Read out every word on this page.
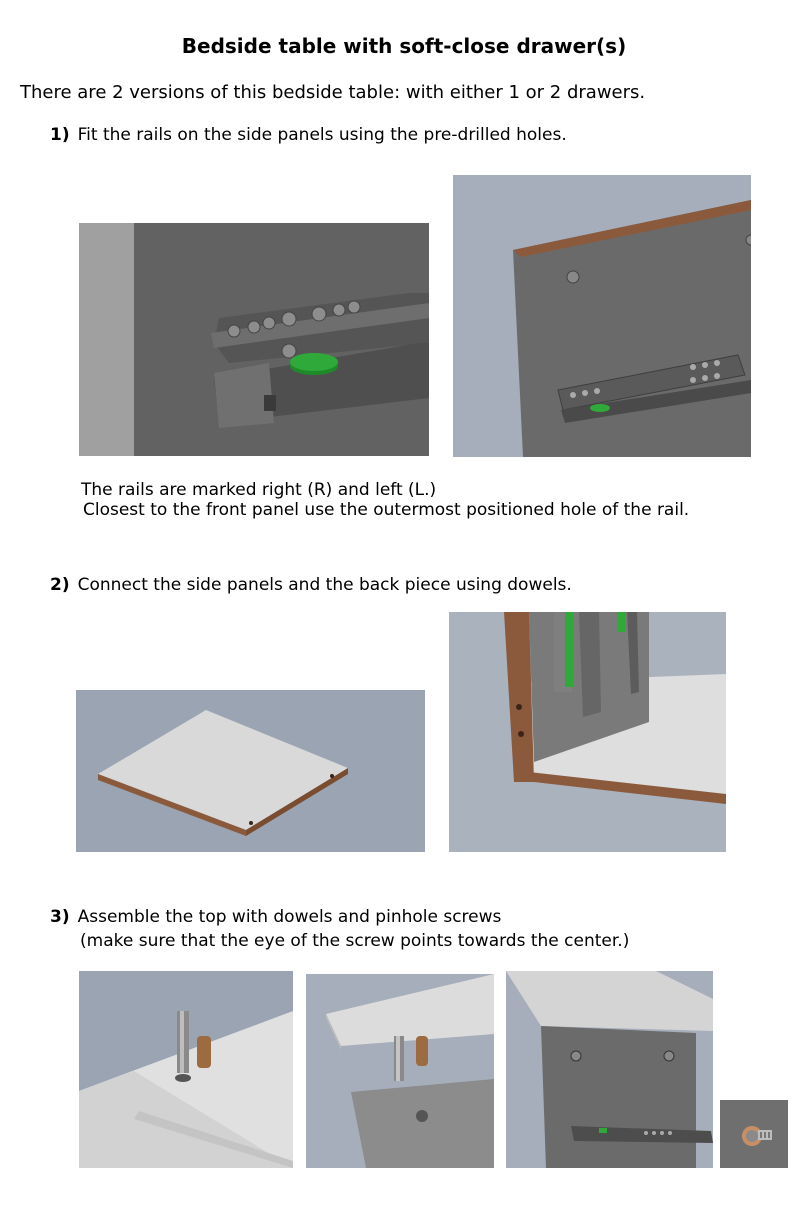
Bedside table with soft-close drawer(s)
There are 2 versions of this bedside table: with either 1 or 2 drawers.
1) Fit the rails on the side panels using the pre-drilled holes.
The rails are marked right (R) and left (L.)
Closest to the front panel use the outermost positioned hole of the rail.
2) Connect the side panels and the back piece using dowels.
3) Assemble the top with dowels and pinhole screws
(make sure that the eye of the screw points towards the center.)
